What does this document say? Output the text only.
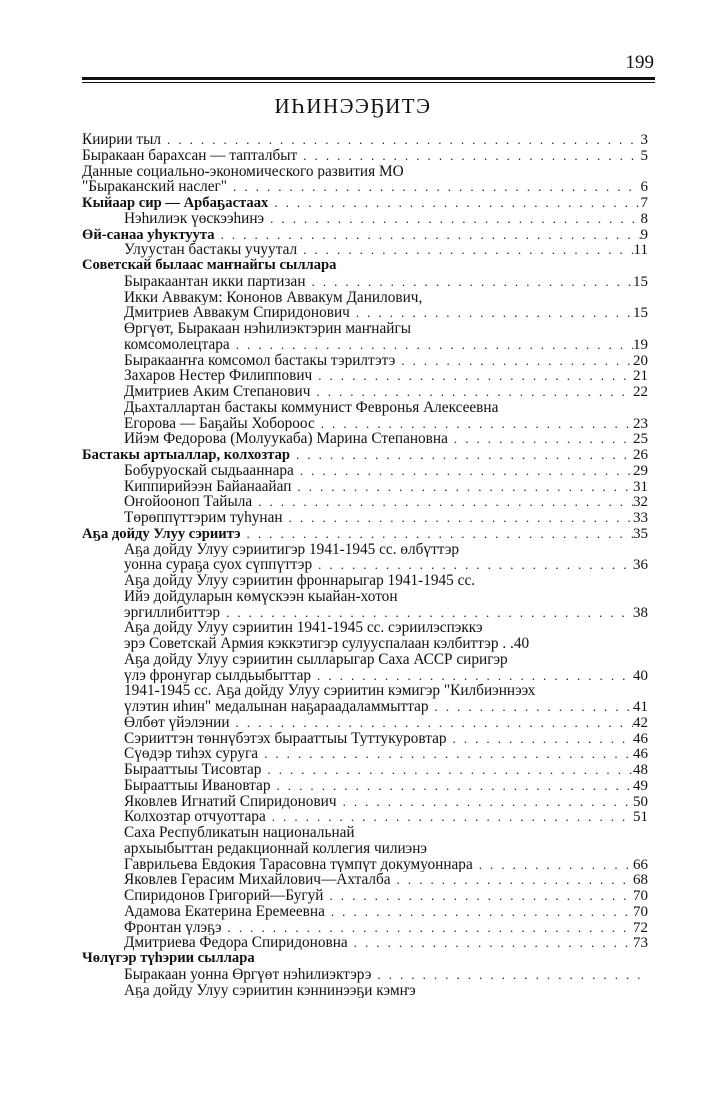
199
ИҺИНЭЭҔИТЭ
Киирии тыл . . .	3
Быракаан барахсан — тапталбыт . . .	5
Данные социально-экономического развития МО
"Быраканский наслег" . . .	6
Кыйаар сир — Арбаҕастаах . . .	7
Нэһилиэк үөскээһинэ . . .	8
Өй-санаа уһуктуута . . .	9
Улуустан бастакы учуутал . . .	11
Советскай былаас маҥнайгы сыллара
Быракаантан икки партизан . . .	15
Икки Аввакум: Кононов Аввакум Данилович,
Дмитриев Аввакум Спиридонович . . .	15
Өргүөт, Быракаан нэһилиэктэрин маҥнайгы
комсомолецтара . . .	19
Быракааҥҥа комсомол бастакы тэрилтэтэ . . .	20
Захаров Нестер Филиппович . . .	21
Дмитриев Аким Степанович . . .	22
Дьахталлартан бастакы коммунист Февронья Алексеевна
Егорова — Баҕайы Хобороос . . .	23
Ийэм Федорова (Молуукаба) Марина Степановна . . .	25
Бастакы артыаллар, колхозтар . . .	26
Бобуруоскай сыдьааннара . . .	29
Киппирийээн Байанаайап . . .	31
Оҥойооноп Тайыла . . .	32
Төрөппүттэрим туһунан . . .	33
Аҕа дойду Улуу сэриитэ . . .	35
Аҕа дойду Улуу сэриитигэр 1941-1945 сс. өлбүттэр
уонна сураҕа суох сүппүттэр . . .	36
Аҕа дойду Улуу сэриитин фроннарыгар 1941-1945 сс.
Ийэ дойдуларын көмүскээн кыайан-хотон
эргиллибиттэр . . .	38
Аҕа дойду Улуу сэриитин 1941-1945 сс. сэриилэспэккэ
эрэ Советскай Армия кэккэтигэр сулууспалаан кэлбиттэр . .40
Аҕа дойду Улуу сэриитин сылларыгар Саха АССР сиригэр
үлэ фронугар сылдьыбыттар . . .	40
1941-1945 сс. Аҕа дойду Улуу сэриитин кэмигэр "Килбиэннээх
үлэтин иһин" медалынан наҕараадаламмыттар . . .	41
Өлбөт үйэлэнии . . .	42
Сэрииттэн төннүбэтэх бырааттыы Туттукуровтар . . .	46
Сүөдэр тиһэх суруга . . .	46
Бырааттыы Тисовтар . . .	48
Бырааттыы Ивановтар . . .	49
Яковлев Игнатий Спиридонович . . .	50
Колхозтар отчуоттара . . .	51
Саха Республикатын национальнай
архыыбыттан редакционнай коллегия чилиэнэ
Гаврильева Евдокия Тарасовна түмпүт докумуоннара . . .	66
Яковлев Герасим Михайлович—Ахталба . . .	68
Спиридонов Григорий—Бугуй . . .	70
Адамова Екатерина Еремеевна . . .	70
Фронтан үлэҕэ . . .	72
Дмитриева Федора Спиридоновна . . .	73
Чөлүгэр түһэрии сыллара
Быракаан уонна Өргүөт нэһилиэктэрэ
. . .
Аҕа дойду Улуу сэриитин кэннинээҕи кэмҥэ
